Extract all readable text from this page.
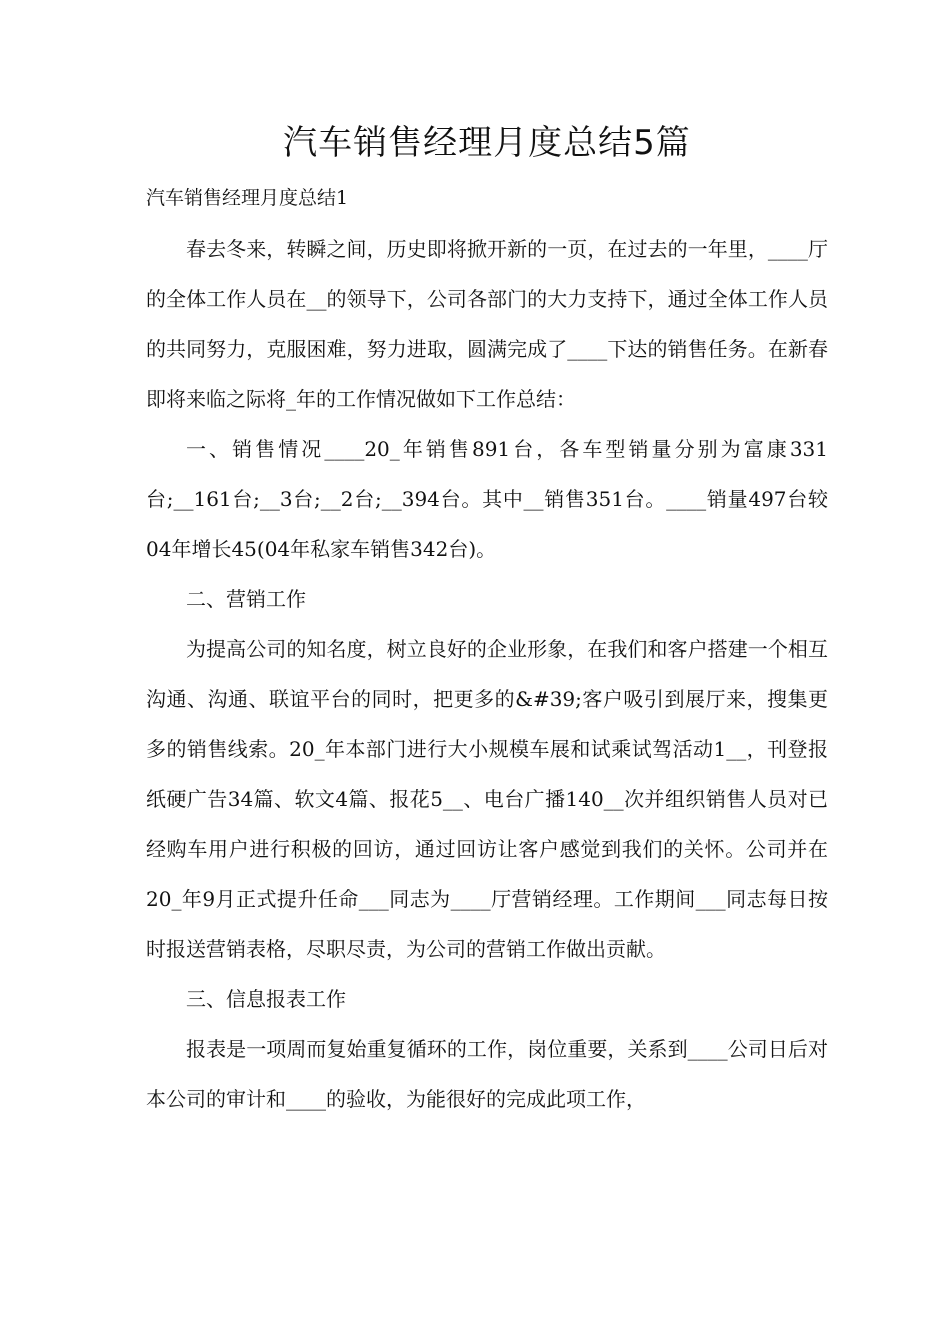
汽车销售经理月度总结5篇
汽车销售经理月度总结1

春去冬来，转瞬之间，历史即将掀开新的一页，在过去的一年里，____厅的全体工作人员在__的领导下，公司各部门的大力支持下，通过全体工作人员的共同努力，克服困难，努力进取，圆满完成了____下达的销售任务。在新春即将来临之际将_年的工作情况做如下工作总结：

一、销售情况____20_年销售891台，各车型销量分别为富康331台;__161台;__3台;__2台;__394台。其中__销售351台。____销量497台较04年增长45(04年私家车销售342台)。

二、营销工作

为提高公司的知名度，树立良好的企业形象，在我们和客户搭建一个相互沟通、沟通、联谊平台的同时，把更多的&#39;客户吸引到展厅来，搜集更多的销售线索。20_年本部门进行大小规模车展和试乘试驾活动1__，刊登报纸硬广告34篇、软文4篇、报花5__、电台广播140__次并组织销售人员对已经购车用户进行积极的回访，通过回访让客户感觉到我们的关怀。公司并在20_年9月正式提升任命___同志为____厅营销经理。工作期间___同志每日按时报送营销表格，尽职尽责，为公司的营销工作做出贡献。

三、信息报表工作

报表是一项周而复始重复循环的工作，岗位重要，关系到____公司日后对本公司的审计和____的验收，为能很好的完成此项工作，
